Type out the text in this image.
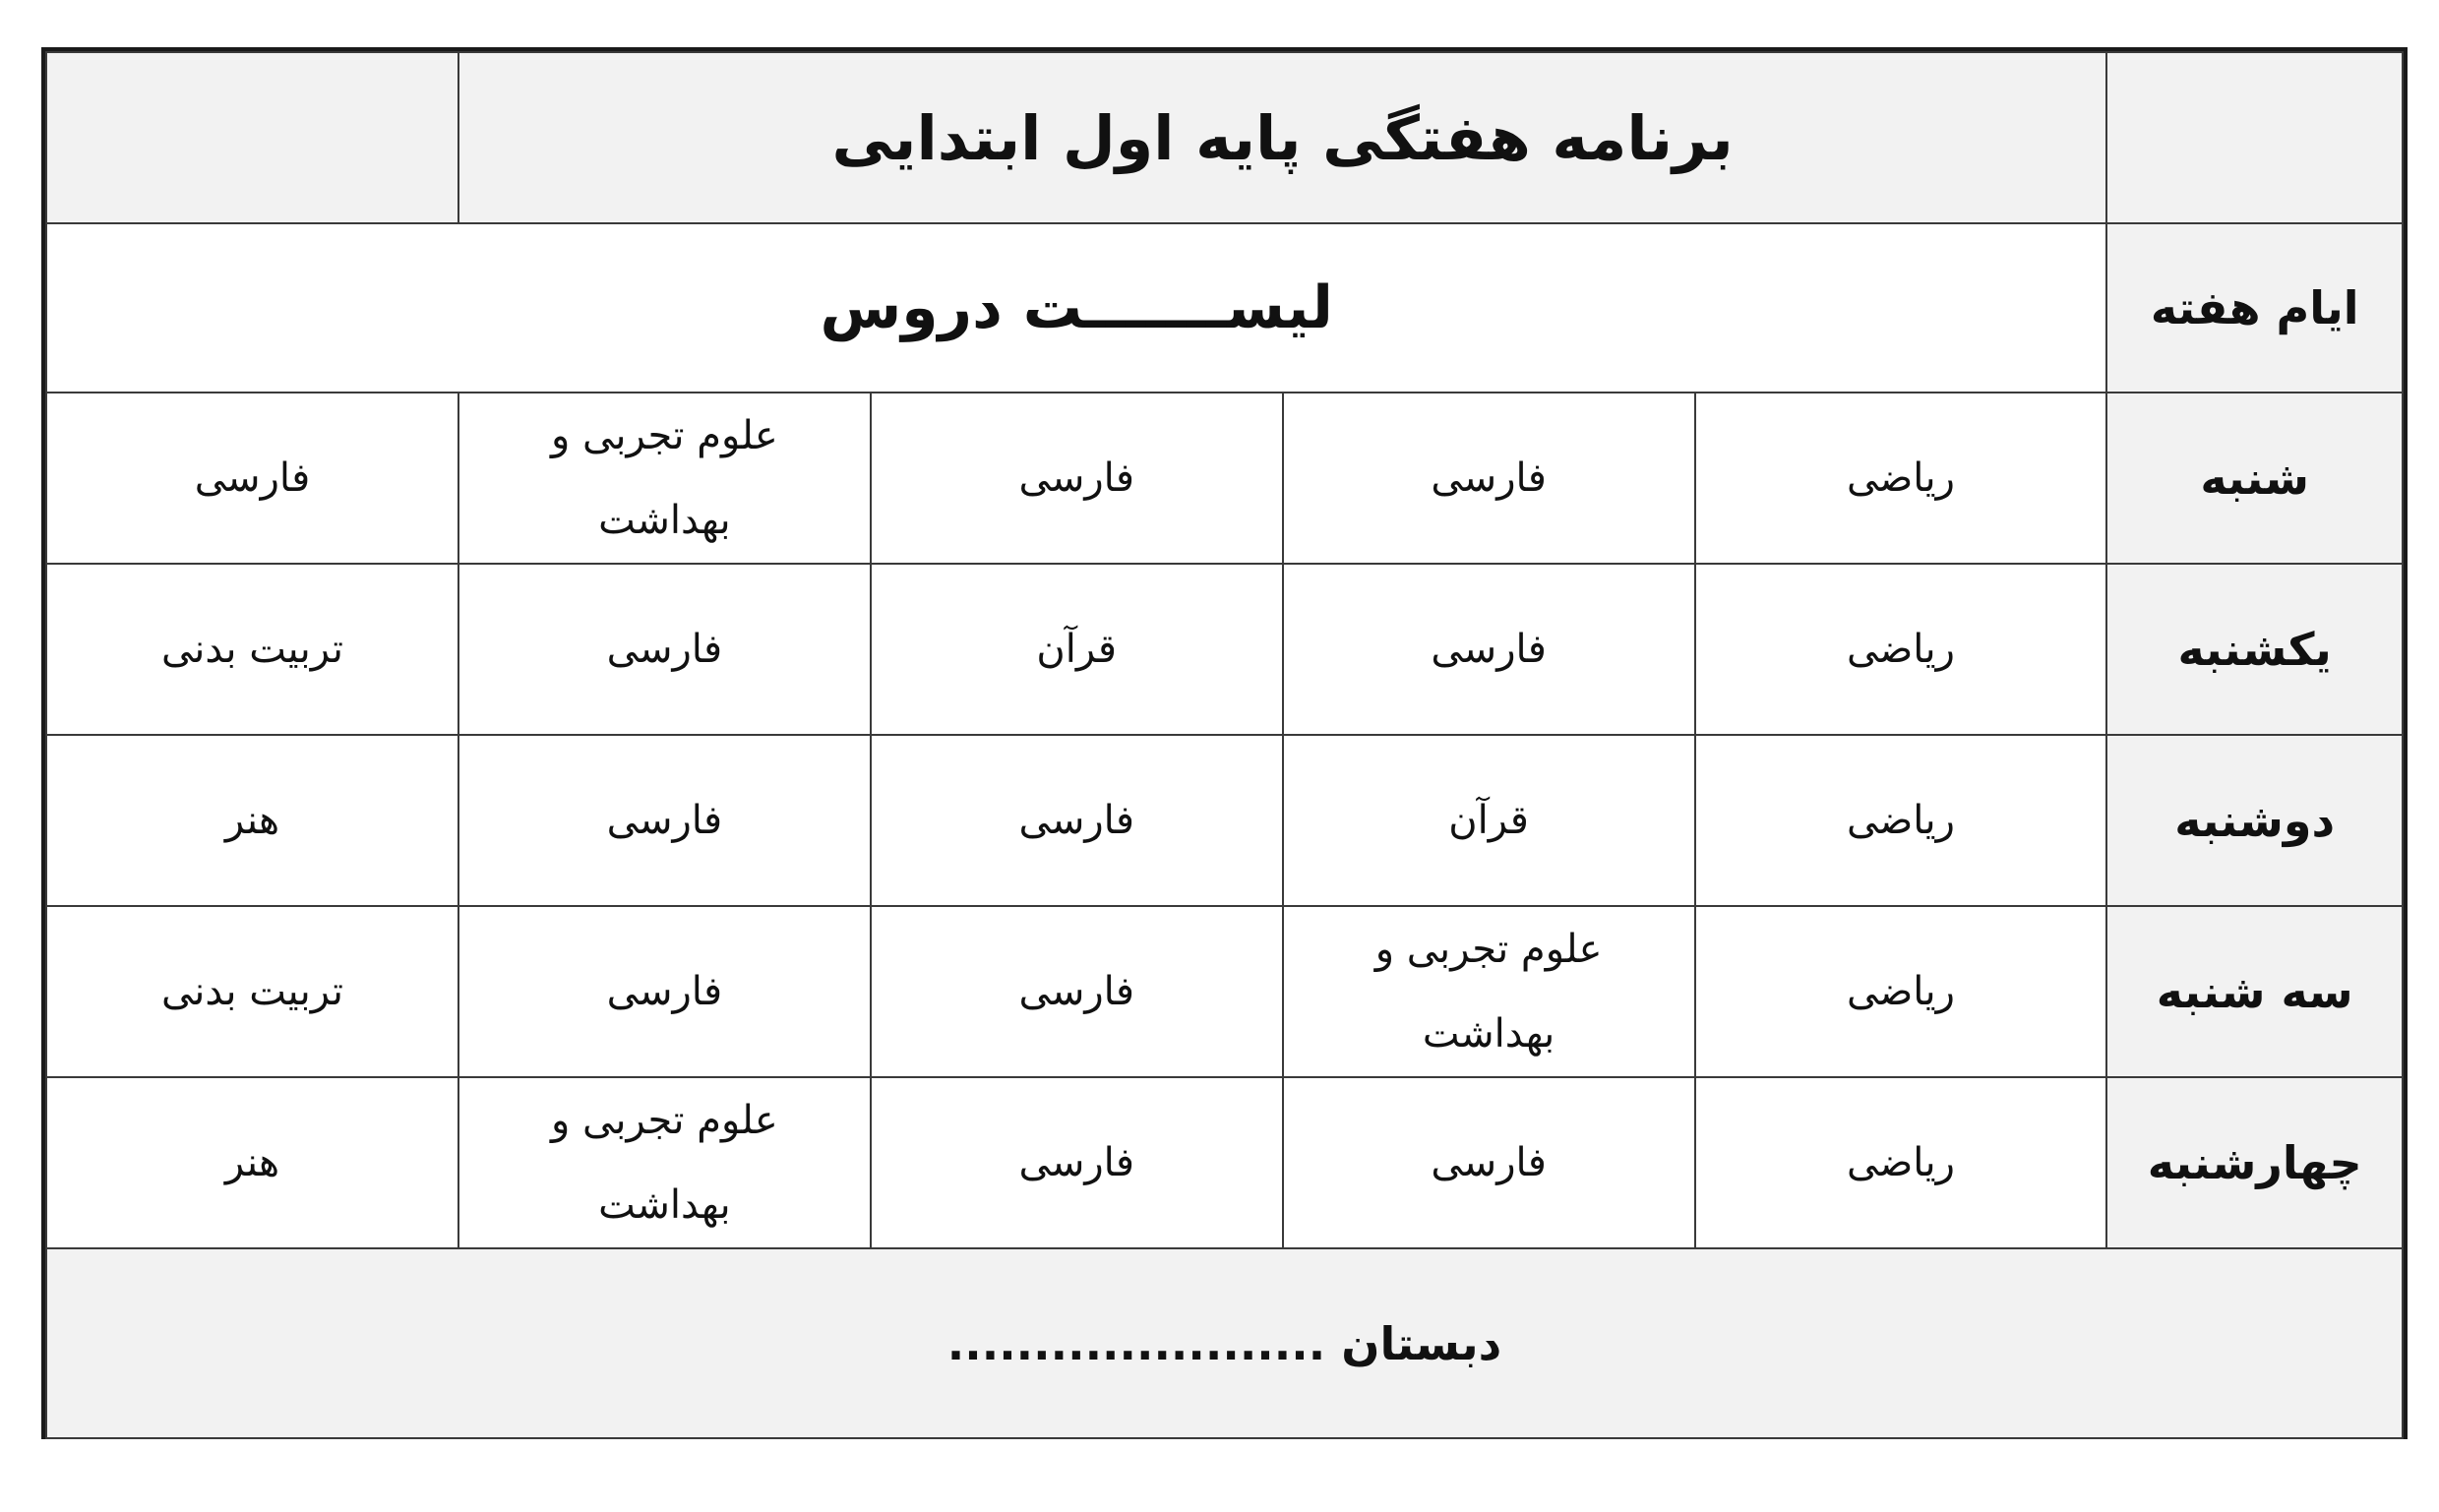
	برنامه هفتگی پایه اول ابتدایی				
ایام هفته	لیســـــــت دروس				
شنبه	ریاضی	فارسی	فارسی	علوم تجربی و بهداشت	فارسی
یکشنبه	ریاضی	فارسی	قرآن	فارسی	تربیت بدنی
دوشنبه	ریاضی	قرآن	فارسی	فارسی	هنر
سه شنبه	ریاضی	علوم تجربی و بهداشت	فارسی	فارسی	تربیت بدنی
چهارشنبه	ریاضی	فارسی	فارسی	علوم تجربی و بهداشت	هنر
دبستان ......................					
